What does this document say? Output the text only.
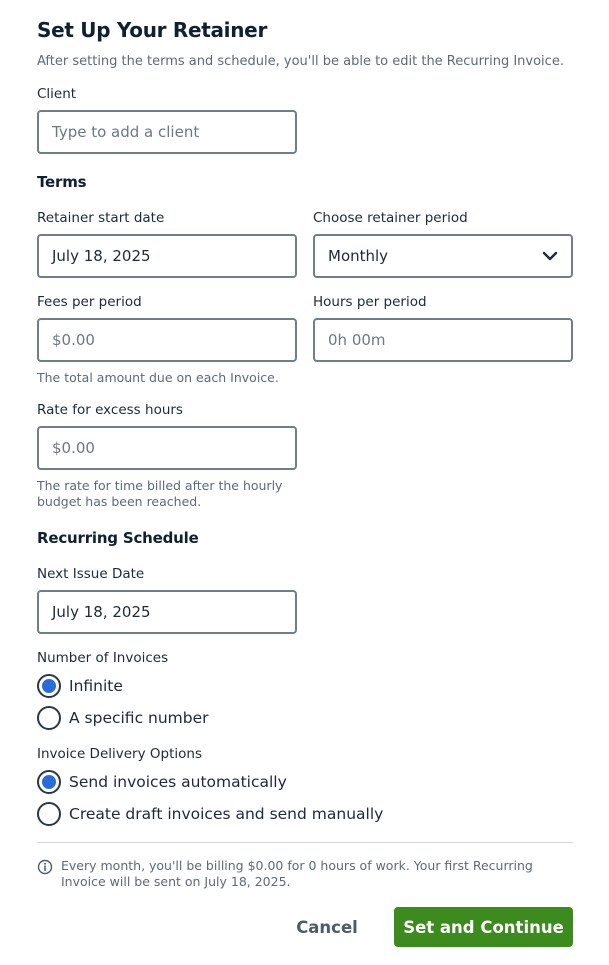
Set Up Your Retainer
After setting the terms and schedule, you'll be able to edit the Recurring Invoice.
Client
Type to add a client
Terms
Retainer start date
July 18, 2025
Choose retainer period
Monthly
Fees per period
$0.00
The total amount due on each Invoice.
Hours per period
0h 00m
Rate for excess hours
$0.00
The rate for time billed after the hourly budget has been reached.
Recurring Schedule
Next Issue Date
July 18, 2025
Number of Invoices
Infinite
A specific number
Invoice Delivery Options
Send invoices automatically
Create draft invoices and send manually
Every month, you'll be billing $0.00 for 0 hours of work. Your first Recurring Invoice will be sent on July 18, 2025.
Cancel	Set and Continue
